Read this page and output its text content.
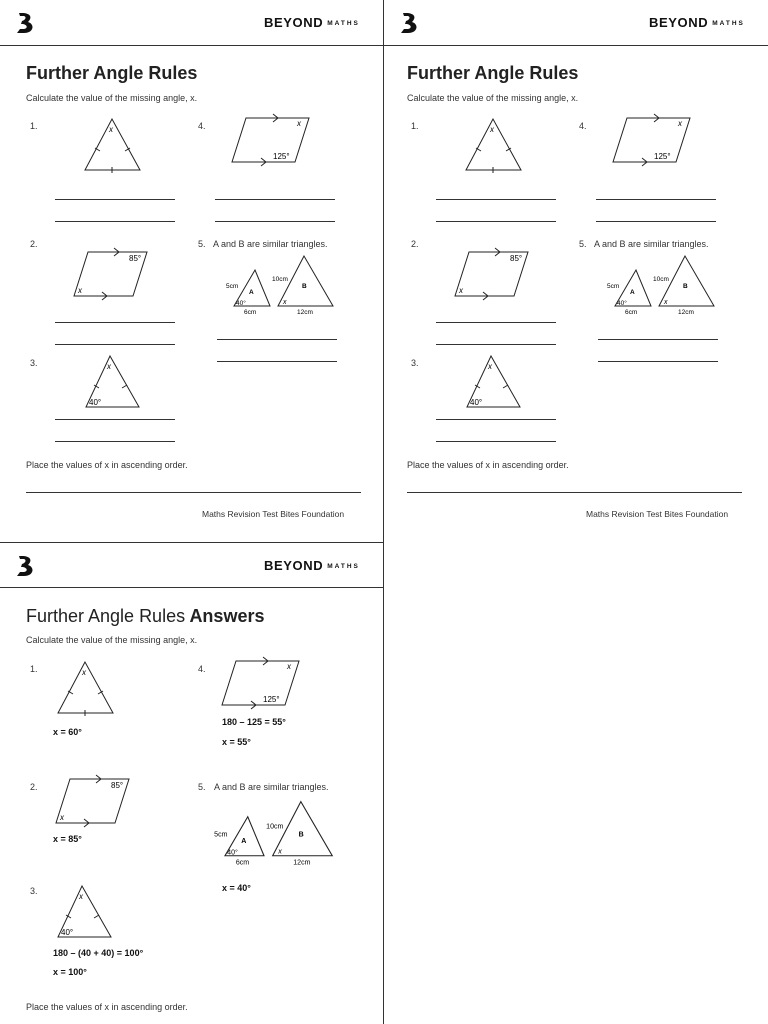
BEYOND MATHS
Further Angle Rules
Calculate the value of the missing angle, x.
1.	x	4.	x
125°
2.
85°
x
5. A and B are similar triangles.
5cm
A
40°
6cm
10cm
B
x
12cm
3.	x
40°
Place the values of x in ascending order.
Maths Revision Test Bites Foundation
BEYOND MATHS
Further Angle Rules
Calculate the value of the missing angle, x.
1.	x	4.	x
125°
2.
85°
x
5. A and B are similar triangles.
5cm
A
40°
6cm
10cm
B
x
12cm
3.	x
40°
Place the values of x in ascending order.
Maths Revision Test Bites Foundation
BEYOND MATHS
Further Angle Rules Answers
Calculate the value of the missing angle, x.
1.	x
x = 60°
4.	x
125°
180 – 125 = 55°
x = 55°
2.	85°
x
x = 85°
5. A and B are similar triangles.
5cm
A
40°
6cm
10cm
B
x
12cm
x = 40°
3.
x
40°
180 – (40 + 40) = 100°
x = 100°
Place the values of x in ascending order.
